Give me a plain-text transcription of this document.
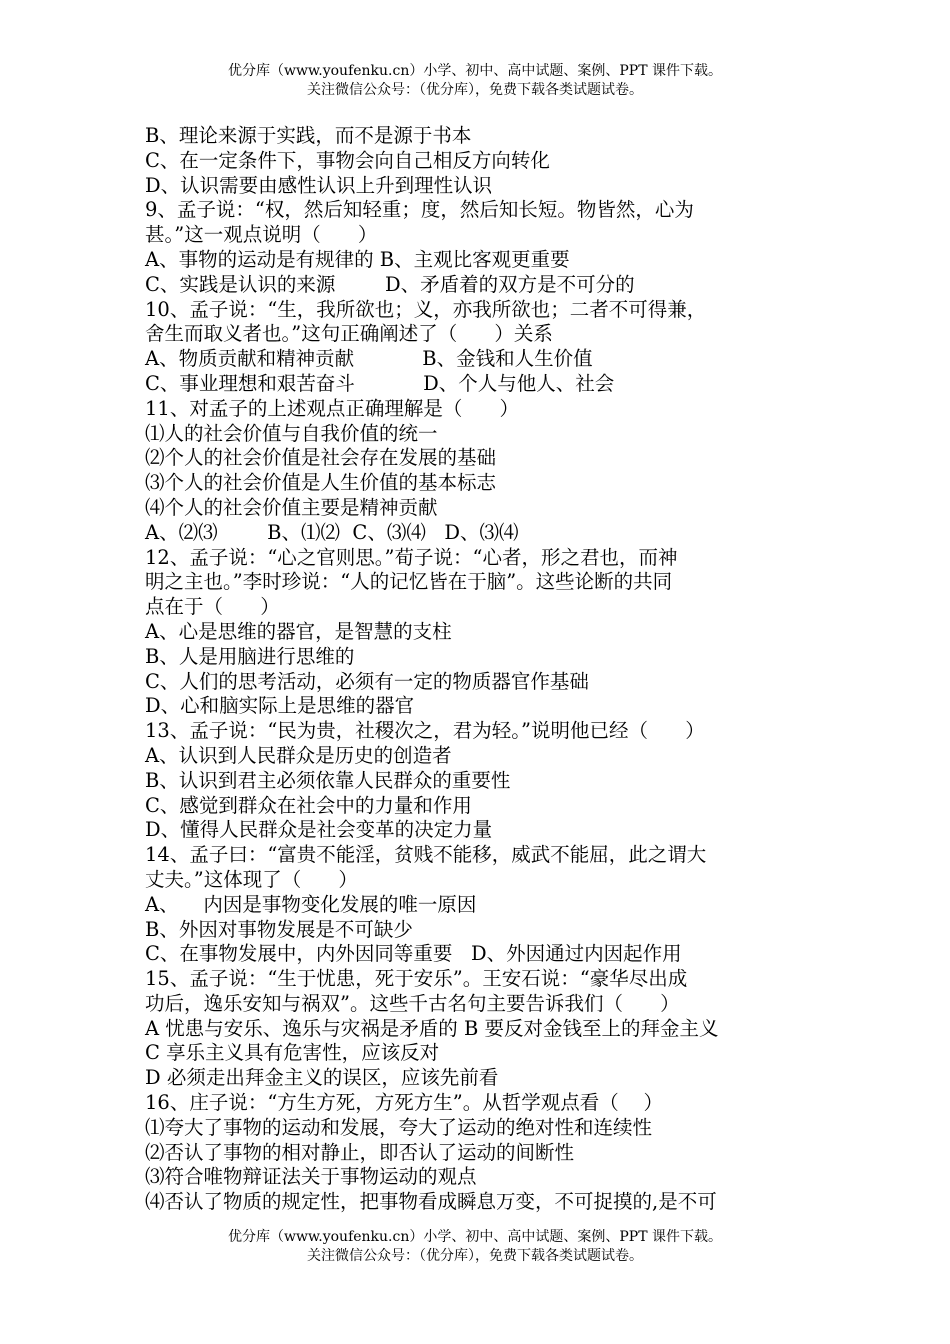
优分库（www.youfenku.cn）小学、初中、高中试题、案例、PPT 课件下载。
关注微信公众号：（优分库），免费下载各类试题试卷。
B、理论来源于实践，而不是源于书本
C、在一定条件下，事物会向自己相反方向转化
D、认识需要由感性认识上升到理性认识
9、孟子说：“权，然后知轻重；度，然后知长短。物皆然，心为
甚。”这一观点说明（      ）
A、事物的运动是有规律的 B、主观比客观更重要
C、实践是认识的来源        D、矛盾着的双方是不可分的
10、孟子说：“生，我所欲也；义，亦我所欲也；二者不可得兼，
舍生而取义者也。”这句正确阐述了（      ）关系
A、物质贡献和精神贡献           B、金钱和人生价值
C、事业理想和艰苦奋斗           D、个人与他人、社会
11、对孟子的上述观点正确理解是（      ）
⑴人的社会价值与自我价值的统一
⑵个人的社会价值是社会存在发展的基础
⑶个人的社会价值是人生价值的基本标志
⑷个人的社会价值主要是精神贡献
A、⑵⑶        B、⑴⑵  C、⑶⑷   D、⑶⑷
12、孟子说：“心之官则思。”荀子说：“心者，形之君也，而神
明之主也。”李时珍说：“人的记忆皆在于脑”。这些论断的共同
点在于（      ）
A、心是思维的器官，是智慧的支柱
B、人是用脑进行思维的
C、人们的思考活动，必须有一定的物质器官作基础
D、心和脑实际上是思维的器官
13、孟子说：“民为贵，社稷次之，君为轻。”说明他已经（      ）
A、认识到人民群众是历史的创造者
B、认识到君主必须依靠人民群众的重要性
C、感觉到群众在社会中的力量和作用
D、懂得人民群众是社会变革的决定力量
14、孟子曰：“富贵不能淫，贫贱不能移，威武不能屈，此之谓大
丈夫。”这体现了（      ）
A、    内因是事物变化发展的唯一原因
B、外因对事物发展是不可缺少
C、在事物发展中，内外因同等重要   D、外因通过内因起作用
15、孟子说：“生于忧患，死于安乐”。王安石说：“豪华尽出成
功后，逸乐安知与祸双”。这些千古名句主要告诉我们（      ）
A 忧患与安乐、逸乐与灾祸是矛盾的 B 要反对金钱至上的拜金主义
C 享乐主义具有危害性，应该反对
D 必须走出拜金主义的误区，应该先前看
16、庄子说：“方生方死，方死方生”。从哲学观点看（    ）
⑴夸大了事物的运动和发展，夸大了运动的绝对性和连续性
⑵否认了事物的相对静止，即否认了运动的间断性
⑶符合唯物辩证法关于事物运动的观点
⑷否认了物质的规定性，把事物看成瞬息万变，不可捉摸的,是不可
优分库（www.youfenku.cn）小学、初中、高中试题、案例、PPT 课件下载。
关注微信公众号：（优分库），免费下载各类试题试卷。
